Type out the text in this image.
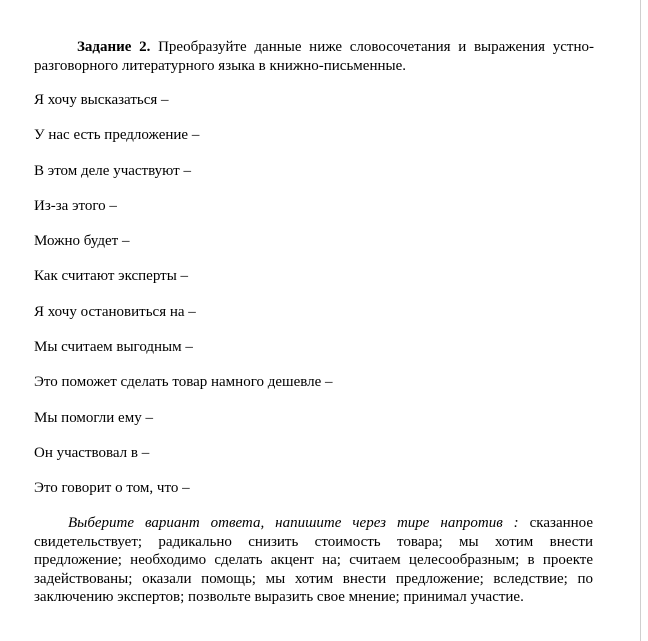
Задание 2. Преобразуйте данные ниже словосочетания и выражения устно-разговорного литературного языка в книжно-письменные.

Я хочу высказаться –
У нас есть предложение –
В этом деле участвуют –
Из-за этого –
Можно будет –
Как считают эксперты –
Я хочу остановиться на –
Мы считаем выгодным –
Это поможет сделать товар намного дешевле –
Мы помогли ему –
Он участвовал в –
Это говорит о том, что –

Выберите вариант ответа, напишите через тире напротив : сказанное свидетельствует; радикально снизить стоимость товара; мы хотим внести предложение; необходимо сделать акцент на; считаем целесообразным; в проекте задействованы; оказали помощь; мы хотим внести предложение; вследствие; по заключению экспертов; позвольте выразить свое мнение; принимал участие.
